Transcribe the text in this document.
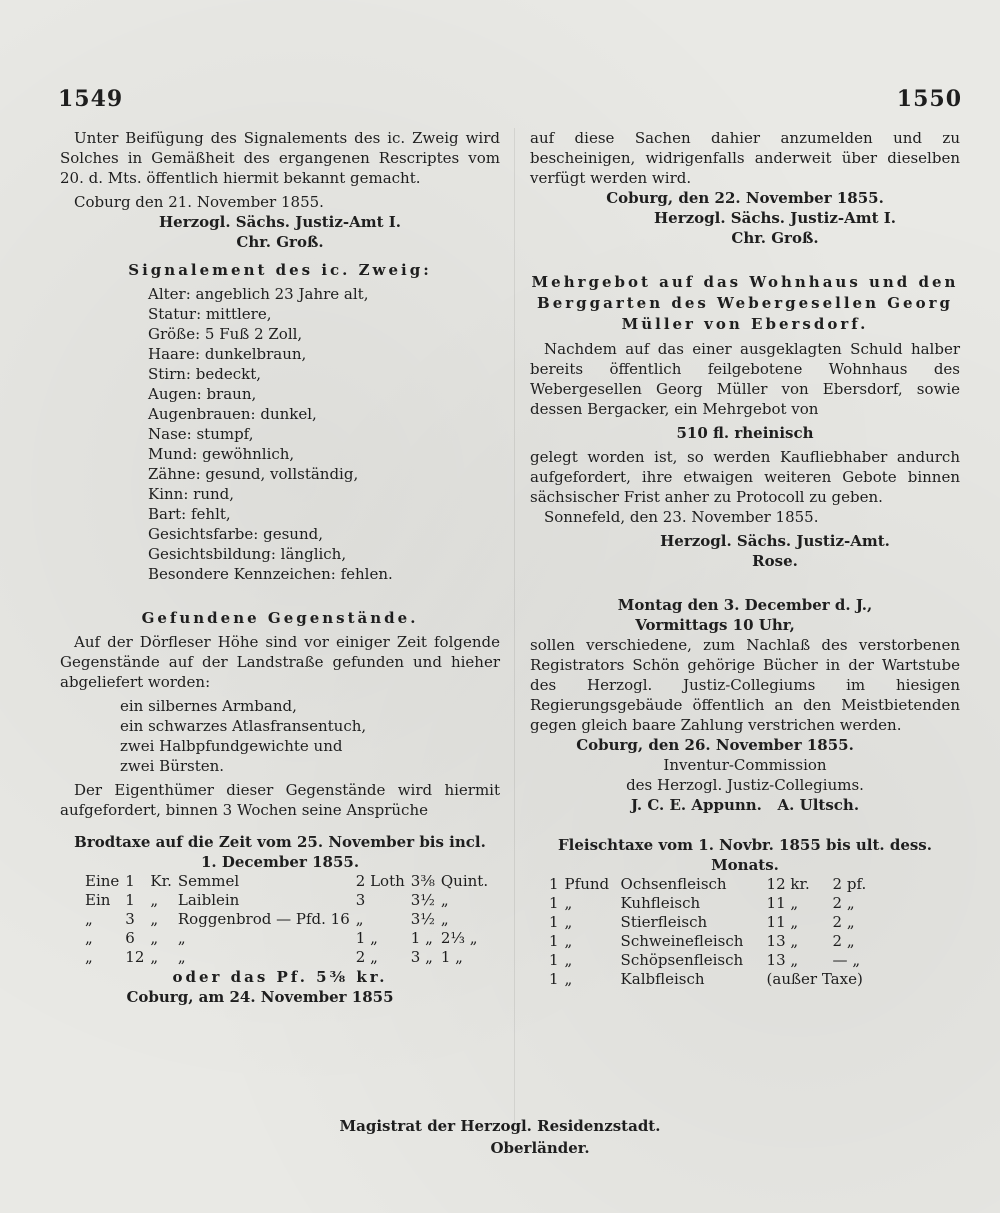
1549	1550

Unter Beifügung des Signalements des ic. Zweig wird Solches in Gemäßheit des ergangenen Rescriptes vom 20. d. Mts. öffentlich hiermit bekannt gemacht.

Coburg den 21. November 1855.

Herzogl. Sächs. Justiz-Amt I.

Chr. Groß.

Signalement des ic. Zweig:

Alter: angeblich 23 Jahre alt,

Statur: mittlere,

Größe: 5 Fuß 2 Zoll,

Haare: dunkelbraun,

Stirn: bedeckt,

Augen: braun,

Augenbrauen: dunkel,

Nase: stumpf,

Mund: gewöhnlich,

Zähne: gesund, vollständig,

Kinn: rund,

Bart: fehlt,

Gesichtsfarbe: gesund,

Gesichtsbildung: länglich,

Besondere Kennzeichen: fehlen.

Gefundene Gegenstände.

Auf der Dörfleser Höhe sind vor einiger Zeit folgende Gegenstände auf der Landstraße gefunden und hieher abgeliefert worden:

ein silbernes Armband,

ein schwarzes Atlasfransentuch,

zwei Halbpfundgewichte und

zwei Bürsten.

Der Eigenthümer dieser Gegenstände wird hiermit aufgefordert, binnen 3 Wochen seine Ansprüche

Brodtaxe auf die Zeit vom 25. November bis incl.

1. December 1855.

Eine	1	Kr.	Semmel	2 Loth	3⅜	Quint.
Ein	1	„	Laiblein	3	3½	„
„	3	„	Roggenbrod — Pfd. 16	„	3½	„
„	6	„	„	1 „	1 „	2⅓ „
„	12	„	„	2 „	3 „	1 „

oder das Pf. 5⅜ kr.

Coburg, am 24. November 1855

Magistrat der Herzogl. Residenzstadt.

Oberländer.

auf diese Sachen dahier anzumelden und zu bescheinigen, widrigenfalls anderweit über dieselben verfügt werden wird.

Coburg, den 22. November 1855.

Herzogl. Sächs. Justiz-Amt I.

Chr. Groß.

Mehrgebot auf das Wohnhaus und den Berggarten des Webergesellen Georg Müller von Ebersdorf.

Nachdem auf das einer ausgeklagten Schuld halber bereits öffentlich feilgebotene Wohnhaus des Webergesellen Georg Müller von Ebersdorf, sowie dessen Bergacker, ein Mehrgebot von

510 fl. rheinisch

gelegt worden ist, so werden Kaufliebhaber andurch aufgefordert, ihre etwaigen weiteren Gebote binnen sächsischer Frist anher zu Protocoll zu geben.

Sonnefeld, den 23. November 1855.

Herzogl. Sächs. Justiz-Amt.

Rose.

Montag den 3. December d. J.,

Vormittags 10 Uhr,

sollen verschiedene, zum Nachlaß des verstorbenen Registrators Schön gehörige Bücher in der Wartstube des Herzogl. Justiz-Collegiums im hiesigen Regierungsgebäude öffentlich an den Meistbietenden gegen gleich baare Zahlung verstrichen werden.

Coburg, den 26. November 1855.

Inventur-Commission

des Herzogl. Justiz-Collegiums.

J. C. E. Appunn.   A. Ultsch.

Fleischtaxe vom 1. Novbr. 1855 bis ult. dess. Monats.

1	Pfund	Ochsenfleisch	12 kr.	2 pf.
1	„	Kuhfleisch	11 „	2 „
1	„	Stierfleisch	11 „	2 „
1	„	Schweinefleisch	13 „	2 „
1	„	Schöpsenfleisch	13 „	— „
1	„	Kalbfleisch	(außer Taxe)	
